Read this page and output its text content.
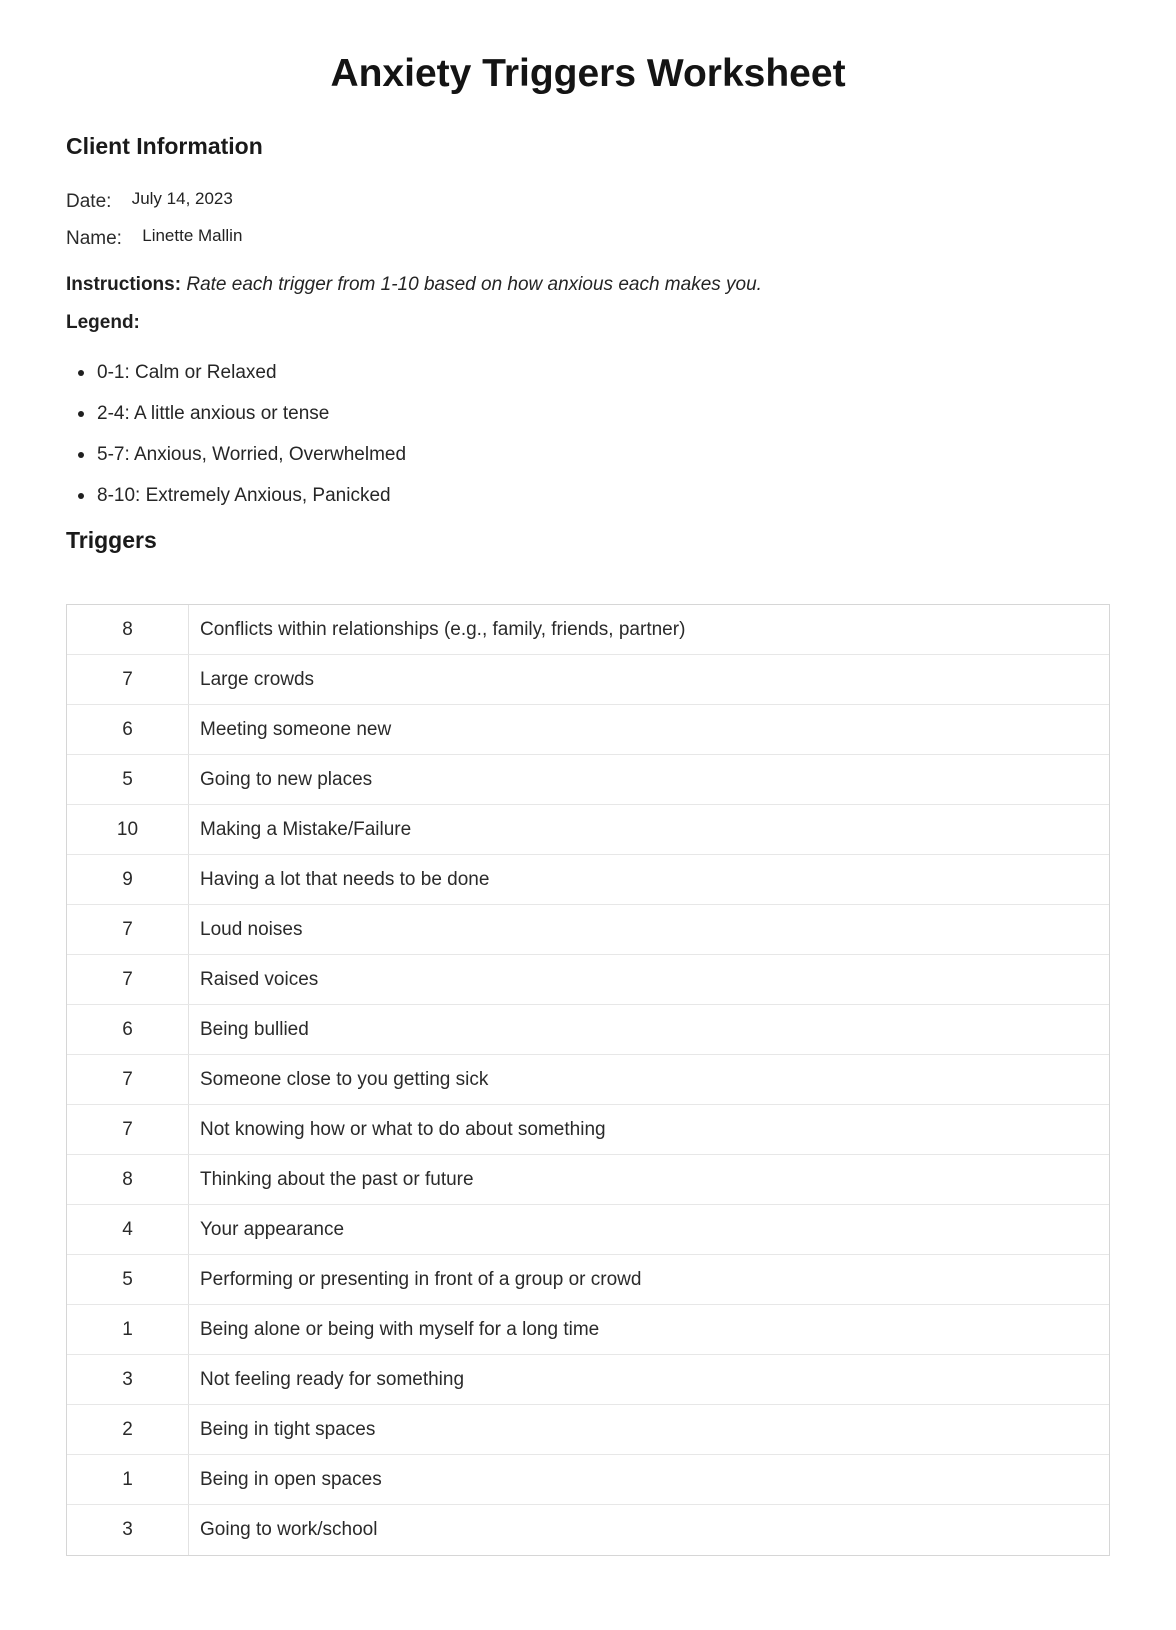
Anxiety Triggers Worksheet
Client Information
Date: July 14, 2023
Name: Linette Mallin

Instructions: Rate each trigger from 1-10 based on how anxious each makes you.

Legend:

0-1: Calm or Relaxed
2-4: A little anxious or tense
5-7: Anxious, Worried, Overwhelmed
8-10: Extremely Anxious, Panicked
Triggers
8	Conflicts within relationships (e.g., family, friends, partner)
7	Large crowds
6	Meeting someone new
5	Going to new places
10	Making a Mistake/Failure
9	Having a lot that needs to be done
7	Loud noises
7	Raised voices
6	Being bullied
7	Someone close to you getting sick
7	Not knowing how or what to do about something
8	Thinking about the past or future
4	Your appearance
5	Performing or presenting in front of a group or crowd
1	Being alone or being with myself for a long time
3	Not feeling ready for something
2	Being in tight spaces
1	Being in open spaces
3	Going to work/school
